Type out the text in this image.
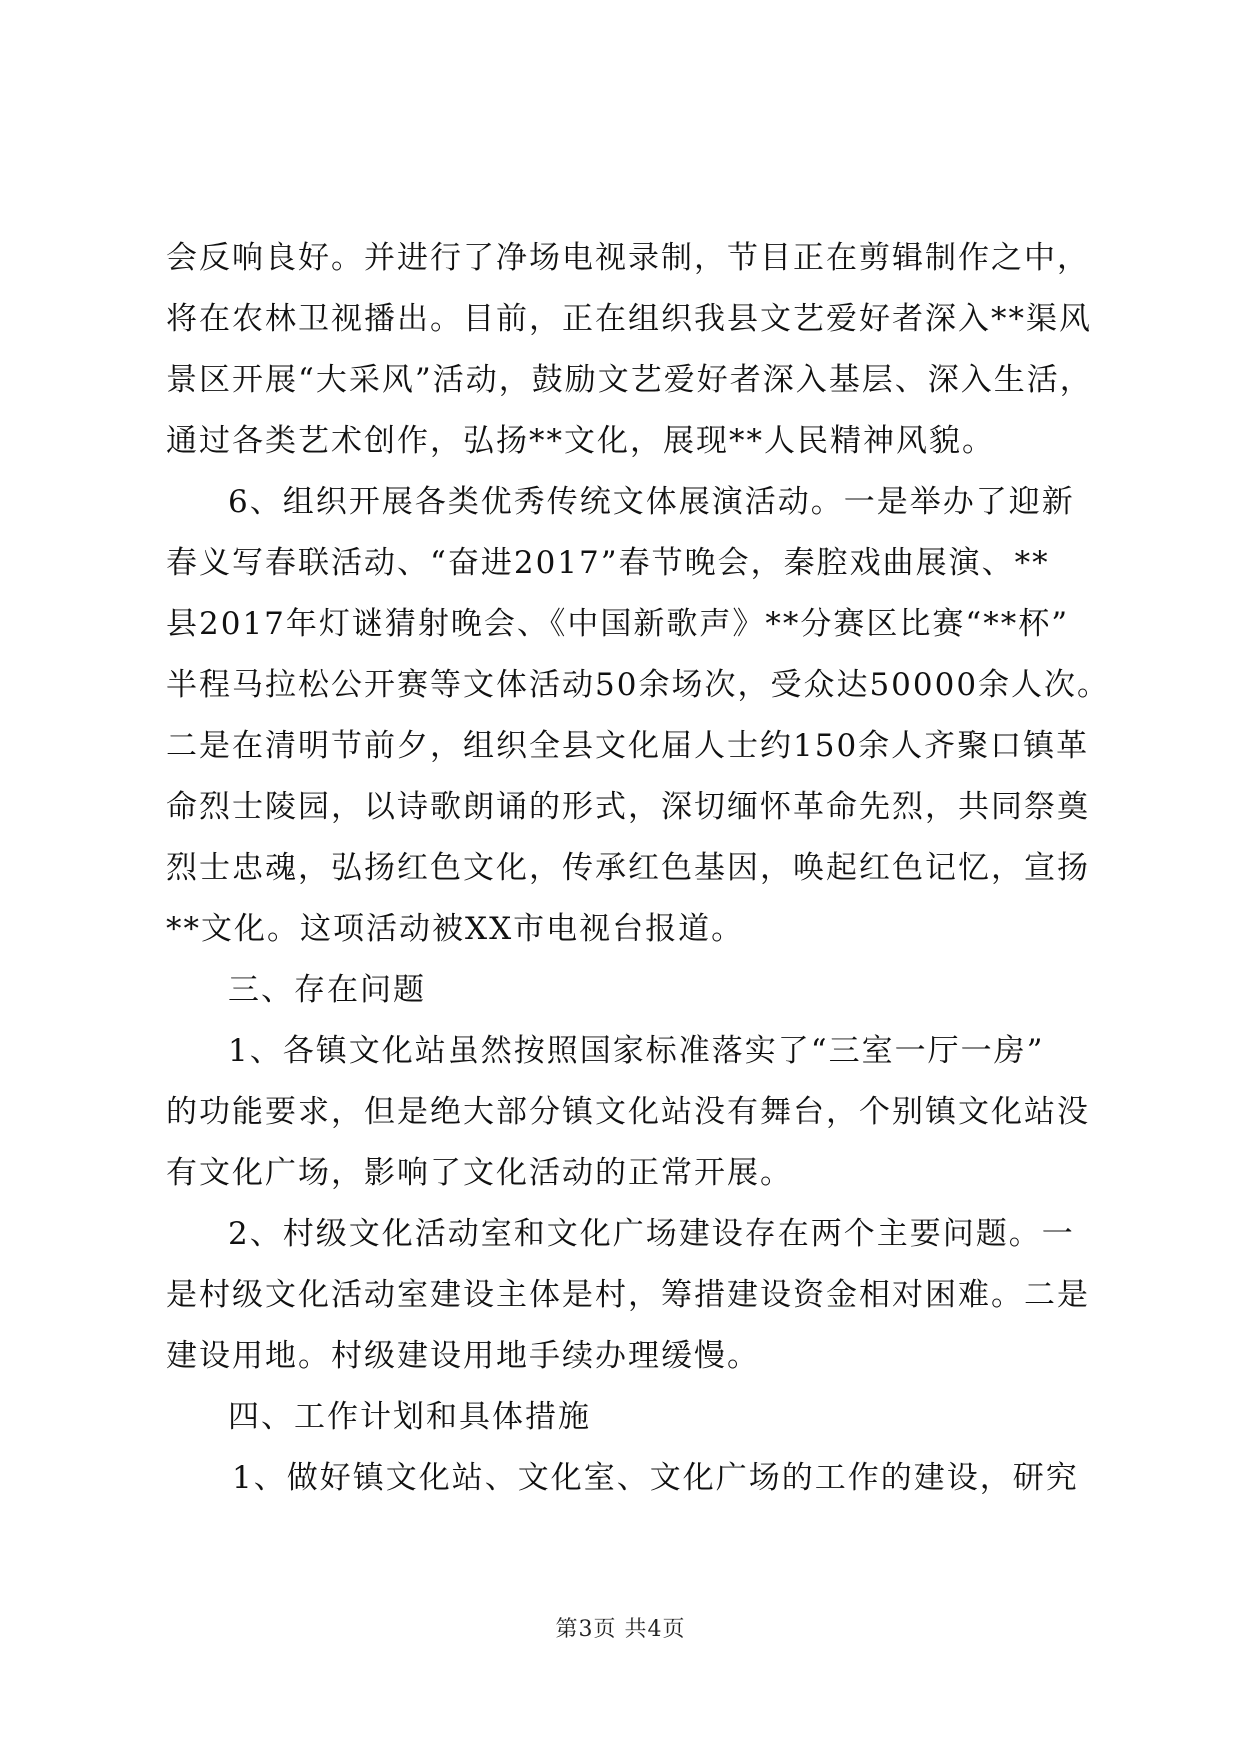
会反响良好。并进行了净场电视录制，节目正在剪辑制作之中，
将在农林卫视播出。目前，正在组织我县文艺爱好者深入**渠风
景区开展“大采风”活动，鼓励文艺爱好者深入基层、深入生活，
通过各类艺术创作，弘扬**文化，展现**人民精神风貌。
6、组织开展各类优秀传统文体展演活动。一是举办了迎新
春义写春联活动、“奋进2017”春节晚会，秦腔戏曲展演、**
县2017年灯谜猜射晚会、《中国新歌声》**分赛区比赛“**杯”
半程马拉松公开赛等文体活动50余场次，受众达50000余人次。
二是在清明节前夕，组织全县文化届人士约150余人齐聚口镇革
命烈士陵园，以诗歌朗诵的形式，深切缅怀革命先烈，共同祭奠
烈士忠魂，弘扬红色文化，传承红色基因，唤起红色记忆，宣扬
**文化。这项活动被XX市电视台报道。
三、存在问题
1、各镇文化站虽然按照国家标准落实了“三室一厅一房”
的功能要求，但是绝大部分镇文化站没有舞台，个别镇文化站没
有文化广场，影响了文化活动的正常开展。
2、村级文化活动室和文化广场建设存在两个主要问题。一
是村级文化活动室建设主体是村，筹措建设资金相对困难。二是
建设用地。村级建设用地手续办理缓慢。
四、工作计划和具体措施
1、做好镇文化站、文化室、文化广场的工作的建设，研究
第3页 共4页
